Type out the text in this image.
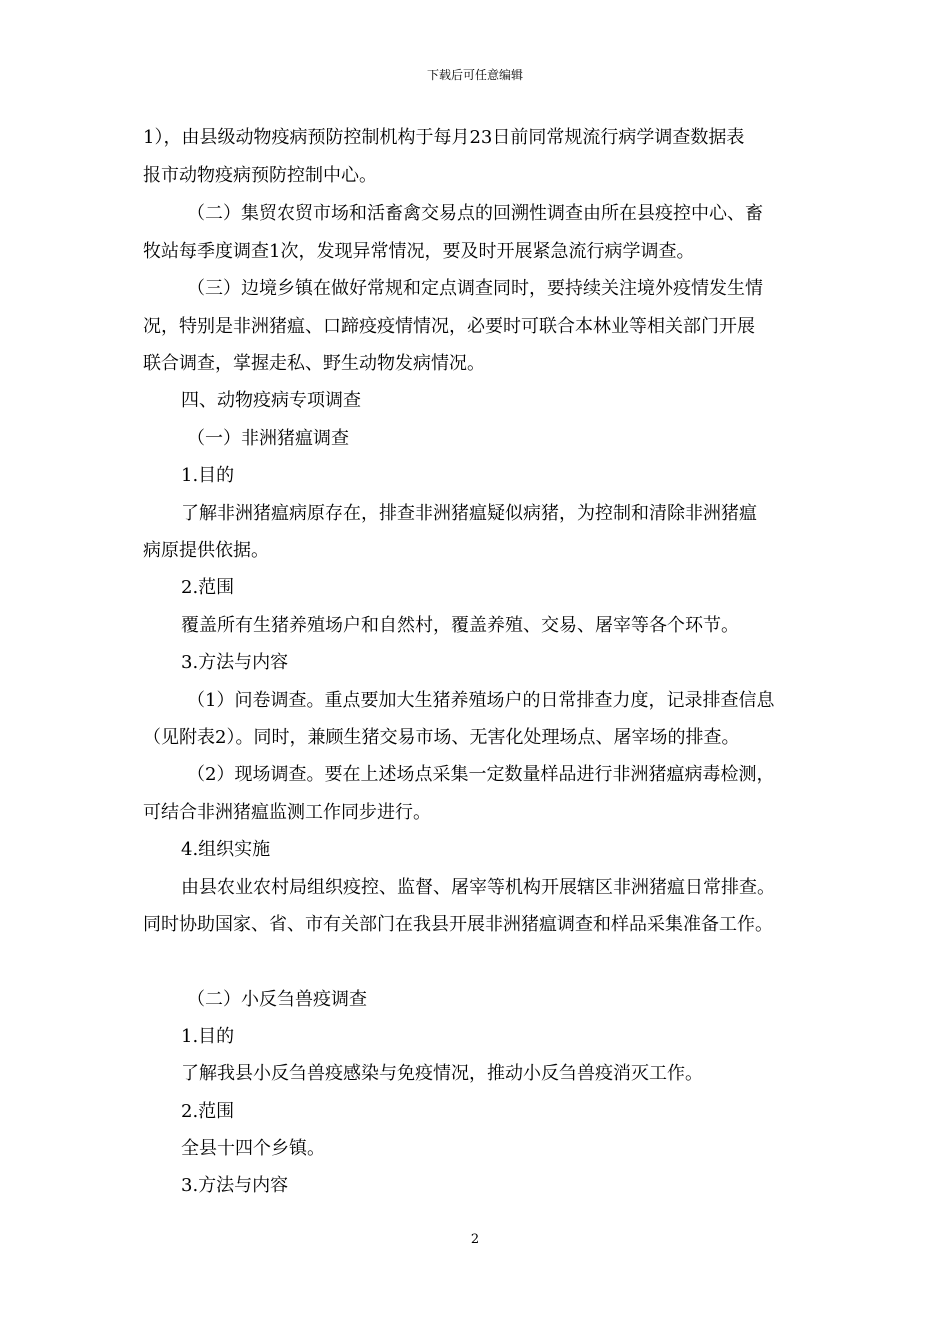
下载后可任意编辑
1），由县级动物疫病预防控制机构于每月23日前同常规流行病学调查数据表
报市动物疫病预防控制中心。
（二）集贸农贸市场和活畜禽交易点的回溯性调查由所在县疫控中心、畜
牧站每季度调查1次，发现异常情况，要及时开展紧急流行病学调查。
（三）边境乡镇在做好常规和定点调查同时，要持续关注境外疫情发生情
况，特别是非洲猪瘟、口蹄疫疫情情况，必要时可联合本林业等相关部门开展
联合调查，掌握走私、野生动物发病情况。
四、动物疫病专项调查
（一）非洲猪瘟调查
1.目的
了解非洲猪瘟病原存在，排查非洲猪瘟疑似病猪，为控制和清除非洲猪瘟
病原提供依据。
2.范围
覆盖所有生猪养殖场户和自然村，覆盖养殖、交易、屠宰等各个环节。
3.方法与内容
（1）问卷调查。重点要加大生猪养殖场户的日常排查力度，记录排查信息
（见附表2）。同时，兼顾生猪交易市场、无害化处理场点、屠宰场的排查。
（2）现场调查。要在上述场点采集一定数量样品进行非洲猪瘟病毒检测，
可结合非洲猪瘟监测工作同步进行。
4.组织实施
由县农业农村局组织疫控、监督、屠宰等机构开展辖区非洲猪瘟日常排查。
同时协助国家、省、市有关部门在我县开展非洲猪瘟调查和样品采集准备工作。
（二）小反刍兽疫调查
1.目的
了解我县小反刍兽疫感染与免疫情况，推动小反刍兽疫消灭工作。
2.范围
全县十四个乡镇。
3.方法与内容
2
